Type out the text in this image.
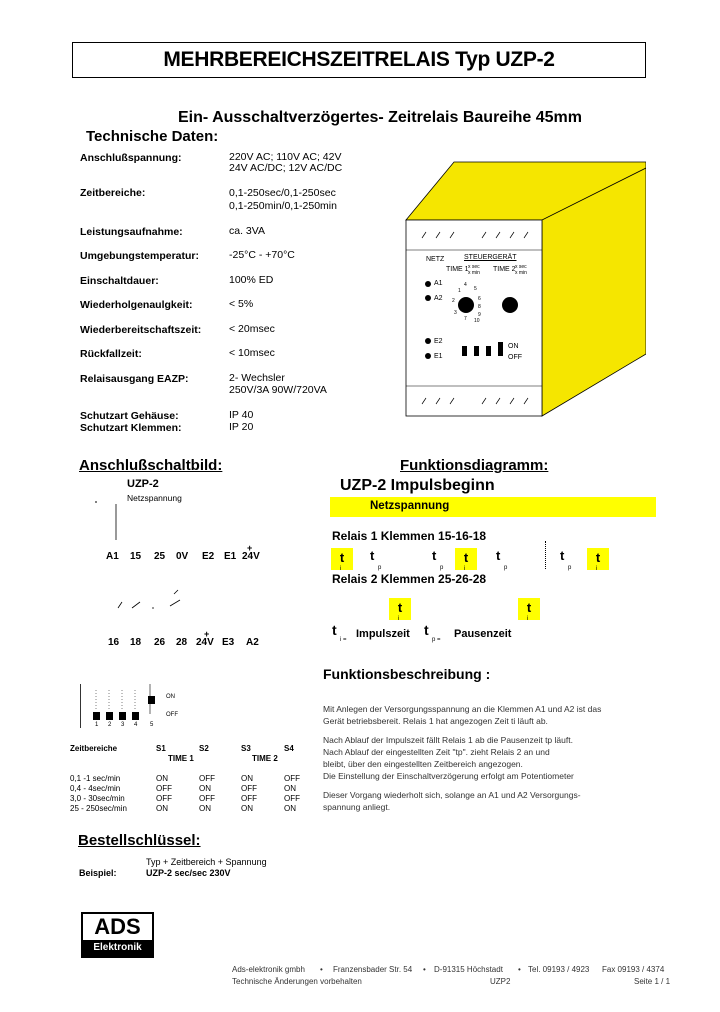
MEHRBEREICHSZEITRELAIS Typ UZP-2
Ein- Ausschaltverzögertes- Zeitrelais Baureihe 45mm
Technische Daten:
Anschlußspannung:	220V AC; 110V AC; 42V
24V AC/DC; 12V AC/DC
Zeitbereiche:	0,1-250sec/0,1-250sec
0,1-250min/0,1-250min
Leistungsaufnahme:	ca. 3VA
Umgebungstemperatur:	-25°C - +70°C
Einschaltdauer:	100% ED
Wiederholgenaulgkeit:	< 5%
Wiederbereitschaftszeit:	< 20msec
Rückfallzeit:	< 10msec
Relaisausgang EAZP:	2- Wechsler
250V/3A 90W/720VA
Schutzart Gehäuse:	IP 40
Schutzart Klemmen:	IP 20
NETZ	STEUERGERÄT
TIME 1 x sec
x min TIME 2 x sec
x min
A1
A2
E2
E1
ON
OFF
1
2
4
5
6
8
9
10
3
7
Anschlußschaltbild:
UZP-2
Netzspannung
A1 15 25 0V E2 E1 24V
+
16 18 26 28 24V
+
E3 A2
Funktionsdiagramm:
UZP-2 Impulsbeginn
Netzspannung
Relais 1 Klemmen 15-16-18
Relais 2 Klemmen 25-26-28
t
i
t
p
t
p
t
i
t
p
t
p
t
i
t
i
t
i
t
i = Impulszeit t
p = Pausenzeit
ON
OFF
1 2 3 4 5
Zeitbereiche	S1	S2	S3	S4
TIME 1	TIME 2
0,1 -1 sec/min	ON	OFF	ON	OFF
0,4 - 4sec/min	OFF	ON	OFF	ON
3,0 - 30sec/min	OFF	OFF	OFF	OFF
25 - 250sec/min	ON	ON	ON	ON
Funktionsbeschreibung :
Mit Anlegen der Versorgungsspannung an die Klemmen A1 und A2 ist das
Gerät betriebsbereit. Relais 1 hat angezogen Zeit ti läuft ab.
Nach Ablauf der Impulszeit fällt Relais 1 ab die Pausenzeit tp läuft.
Nach Ablauf der eingestellten Zeit "tp". zieht Relais 2 an und
bleibt, über den eingestellten Zeitbereich angezogen.
Die Einstellung der Einschaltverzögerung erfolgt am Potentiometer
Dieser Vorgang wiederholt sich, solange an A1 und A2 Versorgungs-
spannung anliegt.
Bestellschlüssel:
Typ + Zeitbereich + Spannung
Beispiel:	UZP-2 sec/sec 230V
ADS
Elektronik
Ads-elektronik gmbh • Franzensbader Str. 54 • D-91315 Höchstadt • Tel. 09193 / 4923 Fax 09193 / 4374
Technische Änderungen vorbehalten	UZP2	Seite 1 / 1
